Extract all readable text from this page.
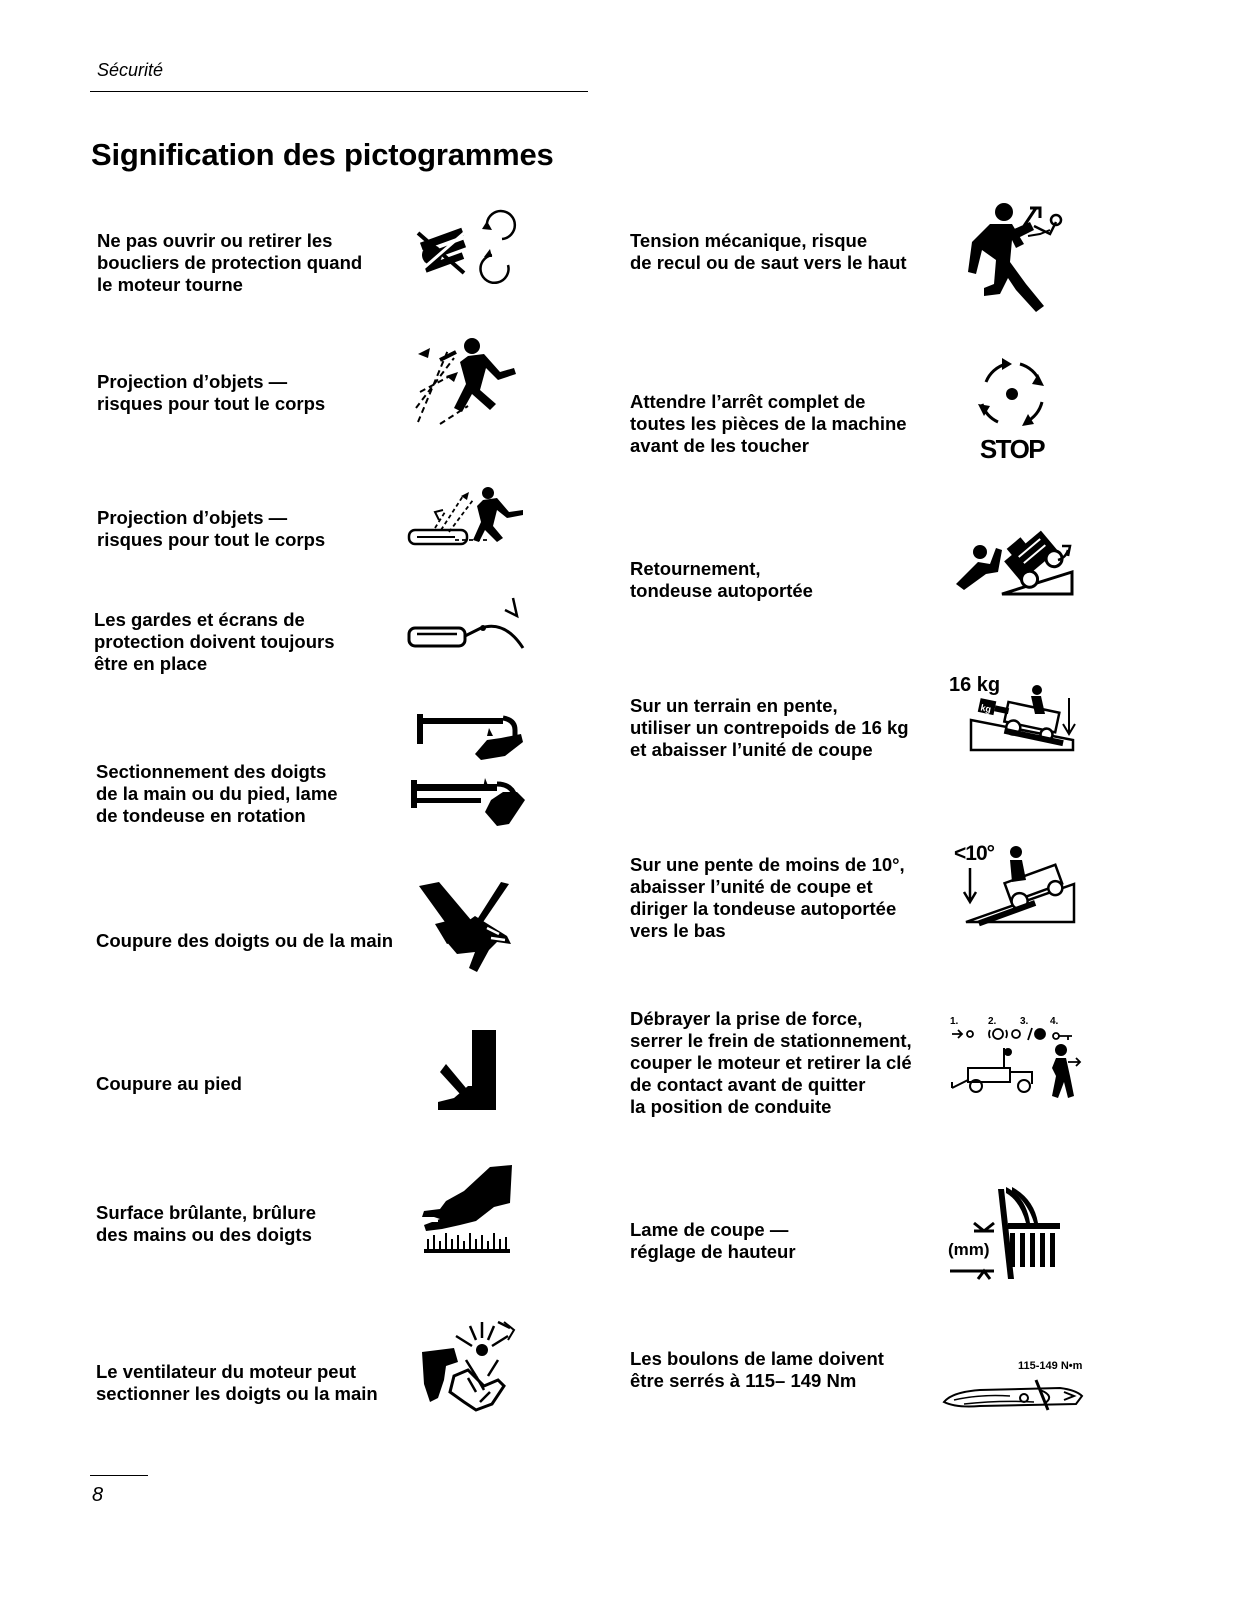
Sécurité
Signification des pictogrammes
Ne pas ouvrir ou retirer les
boucliers de protection quand
le moteur tourne
Projection d’objets —
risques pour tout le corps
Projection d’objets —
risques pour tout le corps
Les gardes et écrans de
protection doivent toujours
être en place
Sectionnement des doigts
de la main ou du pied, lame
de tondeuse en rotation
Coupure des doigts ou de la main
Coupure au pied
Surface brûlante, brûlure
des mains ou des doigts
Le ventilateur du moteur peut
sectionner les doigts ou la main
Tension mécanique, risque
de recul ou de saut vers le haut
Attendre l’arrêt complet de
toutes les pièces de la machine
avant de les toucher
Retournement,
tondeuse autoportée
Sur un terrain en pente,
utiliser un contrepoids de 16 kg
et abaisser l’unité de coupe
Sur une pente de moins de 10°,
abaisser l’unité de coupe et
diriger la tondeuse autoportée
vers le bas
Débrayer la prise de force,
serrer le frein de stationnement,
couper le moteur et retirer la clé
de contact avant de quitter
la position de conduite
Lame de coupe —
réglage de hauteur
Les boulons de lame doivent
être serrés à 115– 149 Nm
STOP
16 kg
kg
<10°
1.	2. 3. 4.
(mm)
115-149 N•m
8
